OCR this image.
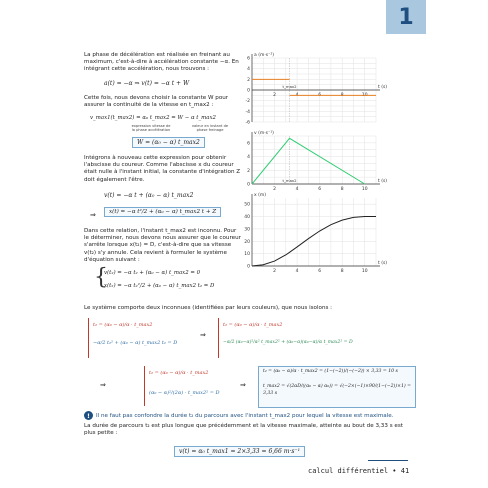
1
La phase de décélération est réalisée en freinant au maximum, c'est-à-dire à accélération constante −α. En intégrant cette accélération, nous trouvons :
a(t) = −α ⇒ v(t) = −α t + W
Cette fois, nous devons choisir la constante W pour assurer la continuité de la vitesse en t_max2 :
v_max1(t_max2) = α₀ t_max2 = W − α t_max2
expression vitesse de la phase accélération
valeur en instant de phase freinage
W = (α₀ − α) t_max2
Intégrons à nouveau cette expression pour obtenir l'abscisse du coureur. Comme l'abscisse x du coureur était nulle à l'instant initial, la constante d'intégration Z doit également l'être.
v(t) = −α t + (α₀ − α) t_max2
⇒	x(t) = −α t²/2 + (α₀ − α) t_max2 t + Z
Dans cette relation, l'instant t_max2 est inconnu. Pour le déterminer, nous devons nous assurer que le coureur s'arrête lorsque x(t₂) = D, c'est-à-dire que sa vitesse v(t₂) s'y annule. Cela revient à formuler le système d'équation suivant :
{
v(t₂) = −α t₂ + (α₀ − α) t_max2 = 0
x(t₂) = −α t₂²/2 + (α₀ − α) t_max2 t₂ = D
Le système comporte deux inconnues (identifiées par leurs couleurs), que nous isolons :
t₂ = (α₀ − α)/α · t_max2
−α/2 t₂² + (α₀ − α) t_max2 t₂ = D
⇒
t₂ = (α₀ − α)/α · t_max2
−α/2 (α₀−α)²/α² t_max2² + (α₀−α)(α₀−α)/α t_max2² = D
⇒
t₂ = (α₀ − α)/α · t_max2
(α₀ − α)²/(2α) · t_max2² = D
⇒
t₂ = (α₀ − α)/α · t_max2 = (1−(−2))/(−(−2)) × 3,33 = 10 s
t_max2 = √(2αD/((α₀ − α) α₀)) = √(−2×(−1)×90/(1−(−2))×1) = 3,33 s
!	Il ne faut pas confondre la durée t₂ du parcours avec l'instant t_max2 pour lequel la vitesse est maximale.
La durée de parcours t₂ est plus longue que précédemment et la vitesse maximale, atteinte au bout de 3,33 s est plus petite :
v(t) = α₀ t_max1 = 2×3,33 = 6,66 m·s⁻¹
2	4	6	8	10
6
4
2
0
-2
-4
-6
a (m·s⁻²)
t (s)
t_max2
2	4	6	8	10
6
4
2
0
v (m·s⁻¹)
t (s)
t_max2
2	4	6	8	10
50
40
30
20
10
0
x (m)
t (s)
calcul différentiel • 41
